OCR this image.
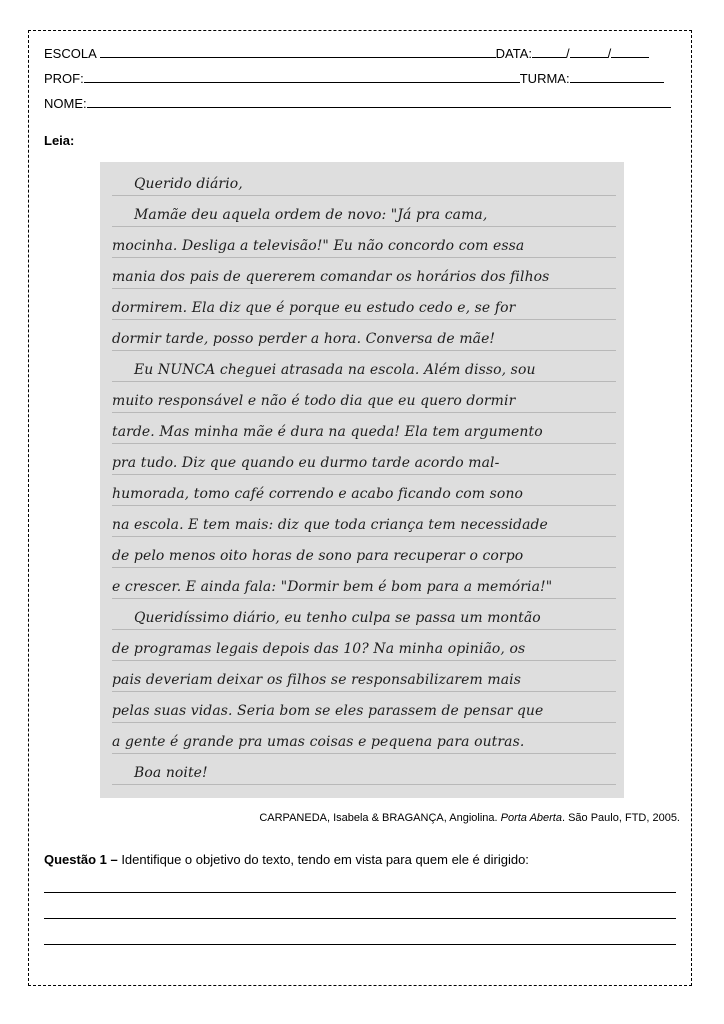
ESCOLA	DATA:	/	/
PROF:	TURMA:
NOME:
Leia:
Querido diário,
Mamãe deu aquela ordem de novo: "Já pra cama,
mocinha. Desliga a televisão!" Eu não concordo com essa
mania dos pais de quererem comandar os horários dos filhos
dormirem. Ela diz que é porque eu estudo cedo e, se for
dormir tarde, posso perder a hora. Conversa de mãe!
Eu NUNCA cheguei atrasada na escola. Além disso, sou
muito responsável e não é todo dia que eu quero dormir
tarde. Mas minha mãe é dura na queda! Ela tem argumento
pra tudo. Diz que quando eu durmo tarde acordo mal-
humorada, tomo café correndo e acabo ficando com sono
na escola. E tem mais: diz que toda criança tem necessidade
de pelo menos oito horas de sono para recuperar o corpo
e crescer. E ainda fala: "Dormir bem é bom para a memória!"
Queridíssimo diário, eu tenho culpa se passa um montão
de programas legais depois das 10? Na minha opinião, os
pais deveriam deixar os filhos se responsabilizarem mais
pelas suas vidas. Seria bom se eles parassem de pensar que
a gente é grande pra umas coisas e pequena para outras.
Boa noite!
CARPANEDA, Isabela & BRAGANÇA, Angiolina. Porta Aberta. São Paulo, FTD, 2005.
Questão 1 – Identifique o objetivo do texto, tendo em vista para quem ele é dirigido:
